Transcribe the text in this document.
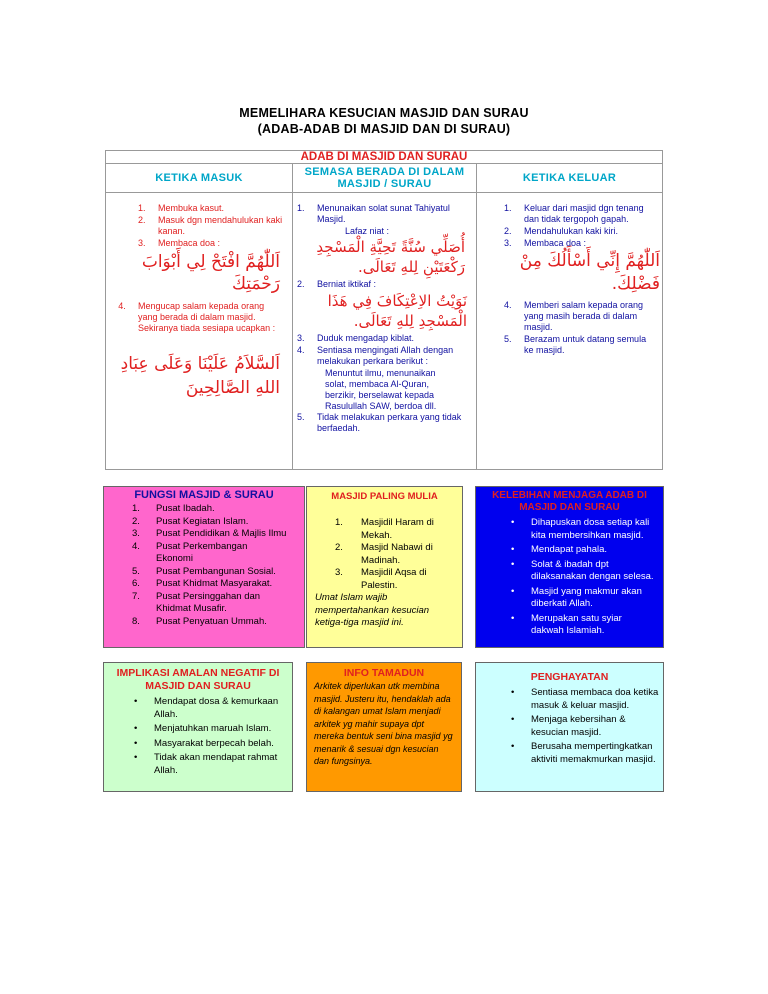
MEMELIHARA KESUCIAN MASJID DAN SURAU
(ADAB-ADAB DI MASJID DAN DI SURAU)
ADAB DI MASJID DAN SURAU
KETIKA MASUK	SEMASA BERADA DI DALAM MASJID / SURAU	KETIKA KELUAR
1. Membuka kasut.
2. Masuk dgn mendahulukan kaki kanan.
3. Membaca doa :
اَللّٰهُمَّ افْتَحْ لِي أَبْوَابَ رَحْمَتِكَ
4. Mengucap salam kepada orang yang berada di dalam masjid. Sekiranya tiada sesiapa ucapkan :
اَلسَّلاَمُ عَلَيْنَا وَعَلَى عِبَادِ اللهِ الصَّالِحِينَ
1. Menunaikan solat sunat Tahiyatul Masjid.
Lafaz niat :
أُصَلِّي سُنَّةً تَحِيَّةِ الْمَسْجِدِ رَكْعَتَيْنِ لِلهِ تَعَالَى.
2. Berniat iktikaf :
نَوَيْتُ الاِعْتِكَافَ فِي هَذَا الْمَسْجِدِ لِلهِ تَعَالَى.
3. Duduk mengadap kiblat.
4. Sentiasa mengingati Allah dengan melakukan perkara berikut :
Menuntut ilmu, menunaikan solat, membaca Al-Quran, berzikir, berselawat kepada Rasulullah SAW, berdoa dll.
5. Tidak melakukan perkara yang tidak berfaedah.
1. Keluar dari masjid dgn tenang dan tidak tergopoh gapah.
2. Mendahulukan kaki kiri.
3. Membaca doa :
اَللّٰهُمَّ إِنِّي أَسْأَلُكَ مِنْ فَضْلِكَ.
4. Memberi salam kepada orang yang masih berada di dalam masjid.
5. Berazam untuk datang semula ke masjid.
FUNGSI MASJID & SURAU
1.	Pusat Ibadah.
2.	Pusat Kegiatan Islam.
3.	Pusat Pendidikan & Majlis Ilmu
4.	Pusat Perkembangan Ekonomi
5.	Pusat Pembangunan Sosial.
6.	Pusat Khidmat Masyarakat.
7.	Pusat Persinggahan dan Khidmat Musafir.
8.	Pusat Penyatuan Ummah.
MASJID PALING MULIA
1.	Masjidil Haram di Mekah.
2.	Masjid Nabawi di Madinah.
3.	Masjidil Aqsa di Palestin.
Umat Islam wajib mempertahankan kesucian ketiga-tiga masjid ini.
KELEBIHAN MENJAGA ADAB DI MASJID DAN SURAU
• Dihapuskan dosa setiap kali kita membersihkan masjid.
• Mendapat pahala.
• Solat & ibadah dpt dilaksanakan dengan selesa.
• Masjid yang makmur akan diberkati Allah.
• Merupakan satu syiar dakwah Islamiah.
IMPLIKASI AMALAN NEGATIF DI MASJID DAN SURAU
• Mendapat dosa & kemurkaan Allah.
• Menjatuhkan maruah Islam.
• Masyarakat berpecah belah.
• Tidak akan mendapat rahmat Allah.
INFO TAMADUN
Arkitek diperlukan utk membina masjid. Justeru itu, hendaklah ada di kalangan umat Islam menjadi arkitek yg mahir supaya dpt mereka bentuk seni bina masjid yg menarik & sesuai dgn kesucian dan fungsinya.
PENGHAYATAN
• Sentiasa membaca doa ketika masuk & keluar masjid.
• Menjaga kebersihan & kesucian masjid.
• Berusaha mempertingkatkan aktiviti memakmurkan masjid.
